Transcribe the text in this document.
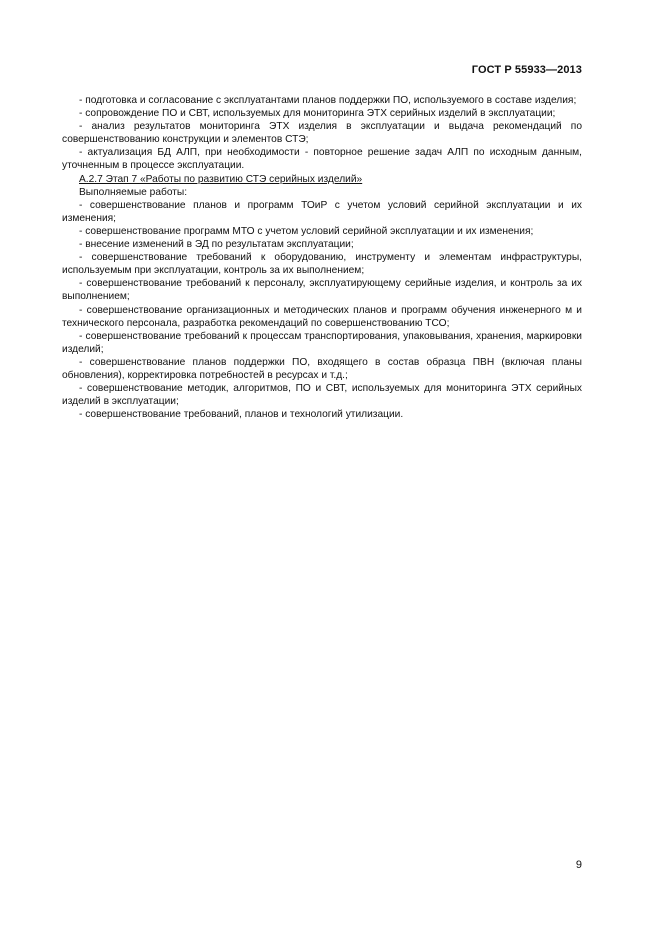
ГОСТ Р 55933—2013

- подготовка и согласование с эксплуатантами планов поддержки ПО, используемого в составе изделия;

- сопровождение ПО и СВТ, используемых для мониторинга ЭТХ серийных изделий в эксплуатации;

- анализ результатов мониторинга ЭТХ изделия в эксплуатации и выдача рекомендаций по совершенствованию конструкции и элементов СТЭ;

- актуализация БД АЛП, при необходимости - повторное решение задач АЛП по исходным данным, уточненным в процессе эксплуатации.

А.2.7 Этап 7 «Работы по развитию СТЭ серийных изделий»

Выполняемые работы:

- совершенствование планов и программ ТОиР с учетом условий серийной эксплуатации и их изменения;

- совершенствование программ МТО с учетом условий серийной эксплуатации и их изменения;

- внесение изменений в ЭД по результатам эксплуатации;

- совершенствование требований к оборудованию, инструменту и элементам инфраструктуры, используемым при эксплуатации, контроль за их выполнением;

- совершенствование требований к персоналу, эксплуатирующему серийные изделия, и контроль за их выполнением;

- совершенствование организационных и методических планов и программ обучения инженерного м и технического персонала, разработка рекомендаций по совершенствованию ТСО;

- совершенствование требований к процессам транспортирования, упаковывания, хранения, маркировки изделий;

- совершенствование планов поддержки ПО, входящего в состав образца ПВН (включая планы обновления), корректировка потребностей в ресурсах и т.д.;

- совершенствование методик, алгоритмов, ПО и СВТ, используемых для мониторинга ЭТХ серийных изделий в эксплуатации;

- совершенствование требований, планов и технологий утилизации.

9
